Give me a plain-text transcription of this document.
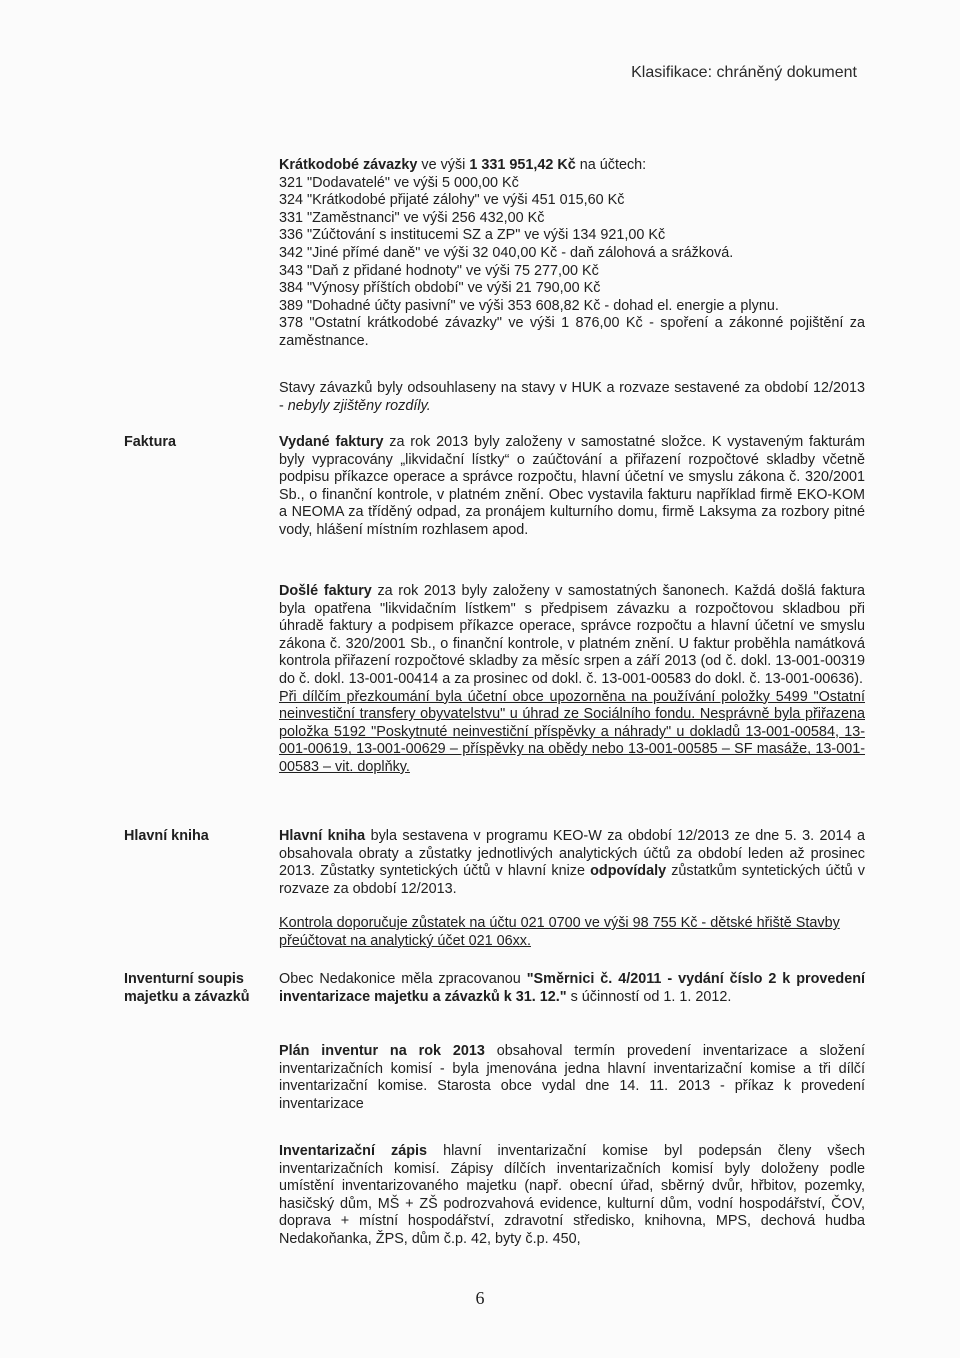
Klasifikace: chráněný dokument

Krátkodobé závazky ve výši 1 331 951,42 Kč na účtech:

321 "Dodavatelé" ve výši 5 000,00 Kč

324 "Krátkodobé přijaté zálohy" ve výši 451 015,60 Kč

331 "Zaměstnanci" ve výši 256 432,00 Kč

336 "Zúčtování s institucemi SZ a ZP" ve výši 134 921,00 Kč

342 "Jiné přímé daně" ve výši 32 040,00 Kč - daň zálohová a srážková.

343 "Daň z přidané hodnoty" ve výši 75 277,00 Kč

384 "Výnosy příštích období" ve výši 21 790,00 Kč

389 "Dohadné účty pasivní" ve výši 353 608,82 Kč - dohad el. energie a plynu.

378 "Ostatní krátkodobé závazky" ve výši 1 876,00 Kč - spoření a zákonné pojištění za zaměstnance.

Stavy závazků byly odsouhlaseny na stavy v HUK a rozvaze sestavené za období 12/2013 - nebyly zjištěny rozdíly.

Faktura	Vydané faktury za rok 2013 byly založeny v samostatné složce. K vystaveným fakturám byly vypracovány „likvidační lístky“ o zaúčtování a přiřazení rozpočtové skladby včetně podpisu příkazce operace a správce rozpočtu, hlavní účetní ve smyslu zákona č. 320/2001 Sb., o finanční kontrole, v platném znění. Obec vystavila fakturu například firmě EKO-KOM a NEOMA za tříděný odpad, za pronájem kulturního domu, firmě Laksyma za rozbory pitné vody, hlášení místním rozhlasem apod.

Došlé faktury za rok 2013 byly založeny v samostatných šanonech. Každá došlá faktura byla opatřena "likvidačním lístkem" s předpisem závazku a rozpočtovou skladbou při úhradě faktury a podpisem příkazce operace, správce rozpočtu a hlavní účetní ve smyslu zákona č. 320/2001 Sb., o finanční kontrole, v platném znění. U faktur proběhla namátková kontrola přiřazení rozpočtové skladby za měsíc srpen a září 2013 (od č. dokl. 13-001-00319 do č. dokl. 13-001-00414 a za prosinec od dokl. č. 13-001-00583 do dokl. č. 13-001-00636).

Při dílčím přezkoumání byla účetní obce upozorněna na používání položky 5499 "Ostatní neinvestiční transfery obyvatelstvu" u úhrad ze Sociálního fondu. Nesprávně byla přiřazena položka 5192 "Poskytnuté neinvestiční příspěvky a náhrady" u dokladů 13-001-00584, 13-001-00619, 13-001-00629 – příspěvky na obědy nebo 13-001-00585 – SF masáže, 13-001-00583 – vit. doplňky.

Hlavní kniha	Hlavní kniha byla sestavena v programu KEO-W za období 12/2013 ze dne 5. 3. 2014 a obsahovala obraty a zůstatky jednotlivých analytických účtů za období leden až prosinec 2013. Zůstatky syntetických účtů v hlavní knize odpovídaly zůstatkům syntetických účtů v rozvaze za období 12/2013.

Kontrola doporučuje zůstatek na účtu 021 0700 ve výši 98 755 Kč - dětské hřiště Stavby přeúčtovat na analytický účet 021 06xx.

Inventurní soupis
majetku a závazků

Obec Nedakonice měla zpracovanou "Směrnici č. 4/2011 - vydání číslo 2 k provedení inventarizace majetku a závazků k 31. 12." s účinností od 1. 1. 2012.

Plán inventur na rok 2013 obsahoval termín provedení inventarizace a složení inventarizačních komisí - byla jmenována jedna hlavní inventarizační komise a tři dílčí inventarizační komise. Starosta obce vydal dne 14. 11. 2013 - příkaz k provedení inventarizace

Inventarizační zápis hlavní inventarizační komise byl podepsán členy všech inventarizačních komisí. Zápisy dílčích inventarizačních komisí byly doloženy podle umístění inventarizovaného majetku (např. obecní úřad, sběrný dvůr, hřbitov, pozemky, hasičský dům, MŠ + ZŠ podrozvahová evidence, kulturní dům, vodní hospodářství, ČOV, doprava + místní hospodářství, zdravotní středisko, knihovna, MPS, dechová hudba Nedakoňanka, ŽPS, dům č.p. 42, byty č.p. 450,

6
